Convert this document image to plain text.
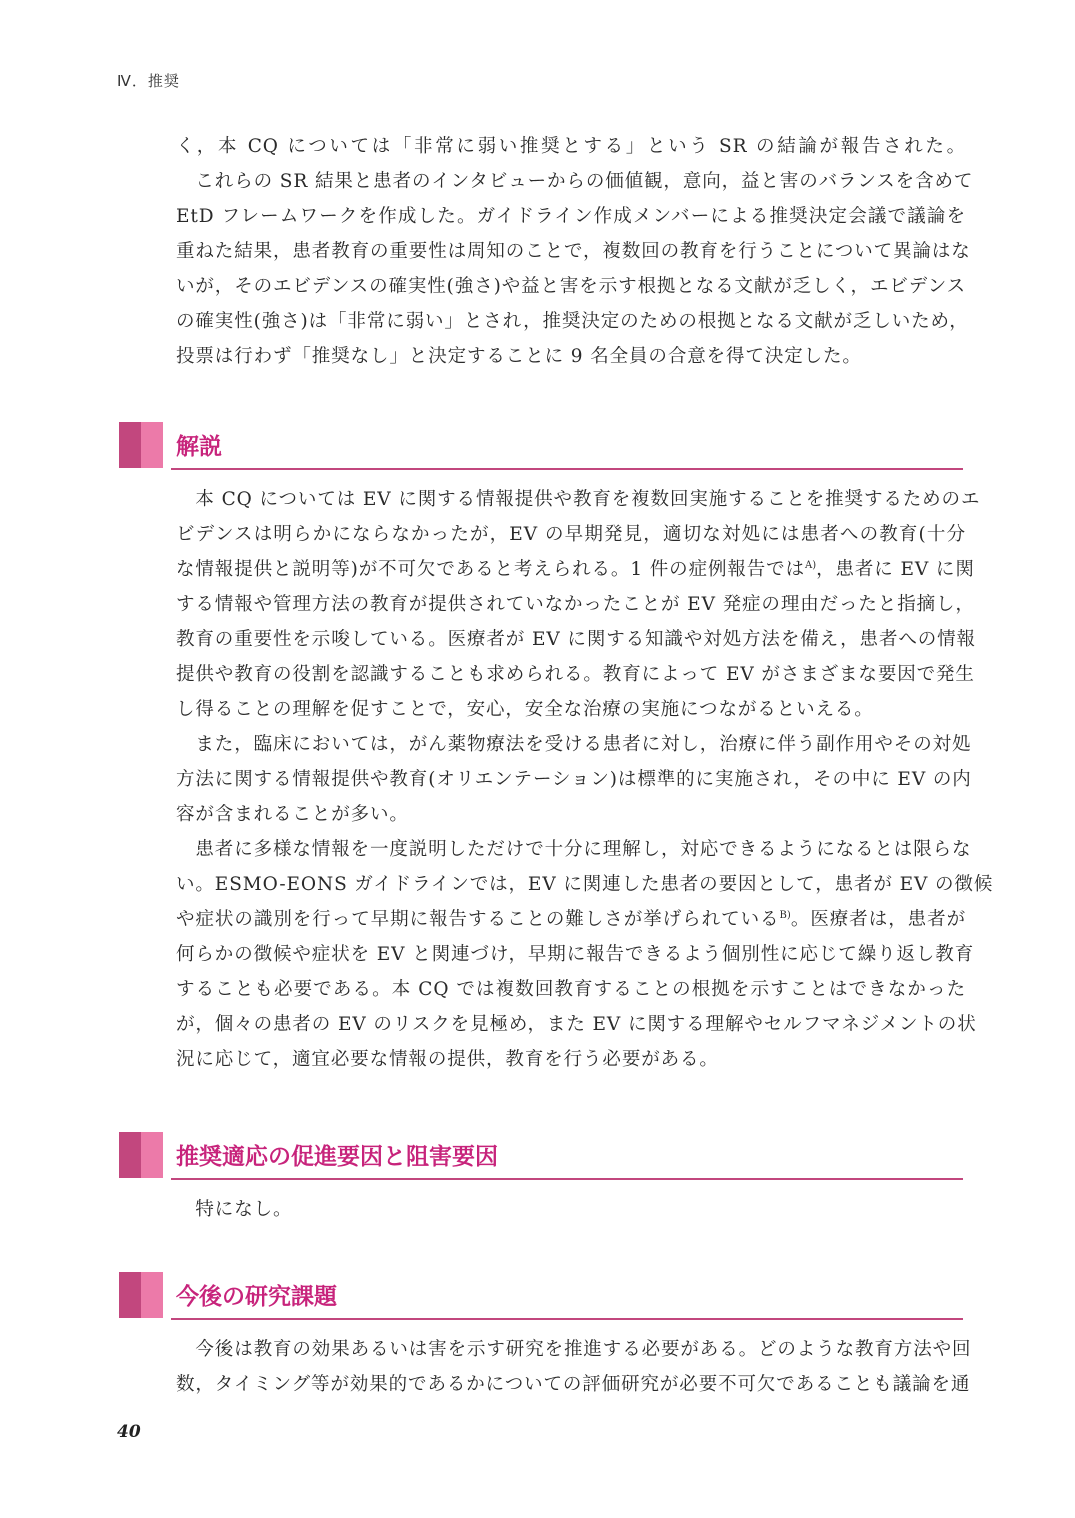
Ⅳ．推奨
く，本 CQ については「非常に弱い推奨とする」という SR の結論が報告された。
　これらの SR 結果と患者のインタビューからの価値観，意向，益と害のバランスを含めて
EtD フレームワークを作成した。ガイドライン作成メンバーによる推奨決定会議で議論を
重ねた結果，患者教育の重要性は周知のことで，複数回の教育を行うことについて異論はな
いが，そのエビデンスの確実性(強さ)や益と害を示す根拠となる文献が乏しく，エビデンス
の確実性(強さ)は「非常に弱い」とされ，推奨決定のための根拠となる文献が乏しいため，
投票は行わず「推奨なし」と決定することに 9 名全員の合意を得て決定した。
解説
　本 CQ については EV に関する情報提供や教育を複数回実施することを推奨するためのエ
ビデンスは明らかにならなかったが，EV の早期発見，適切な対処には患者への教育(十分
な情報提供と説明等)が不可欠であると考えられる。1 件の症例報告では$^{A)}$，患者に EV に関
する情報や管理方法の教育が提供されていなかったことが EV 発症の理由だったと指摘し，
教育の重要性を示唆している。医療者が EV に関する知識や対処方法を備え，患者への情報
提供や教育の役割を認識することも求められる。教育によって EV がさまざまな要因で発生
し得ることの理解を促すことで，安心，安全な治療の実施につながるといえる。
　また，臨床においては，がん薬物療法を受ける患者に対し，治療に伴う副作用やその対処
方法に関する情報提供や教育(オリエンテーション)は標準的に実施され，その中に EV の内
容が含まれることが多い。
　患者に多様な情報を一度説明しただけで十分に理解し，対応できるようになるとは限らな
い。ESMO-EONS ガイドラインでは，EV に関連した患者の要因として，患者が EV の徴候
や症状の識別を行って早期に報告することの難しさが挙げられている$^{B)}$。医療者は，患者が
何らかの徴候や症状を EV と関連づけ，早期に報告できるよう個別性に応じて繰り返し教育
することも必要である。本 CQ では複数回教育することの根拠を示すことはできなかった
が，個々の患者の EV のリスクを見極め，また EV に関する理解やセルフマネジメントの状
況に応じて，適宜必要な情報の提供，教育を行う必要がある。
推奨適応の促進要因と阻害要因
　特になし。
今後の研究課題
　今後は教育の効果あるいは害を示す研究を推進する必要がある。どのような教育方法や回
数，タイミング等が効果的であるかについての評価研究が必要不可欠であることも議論を通
40
